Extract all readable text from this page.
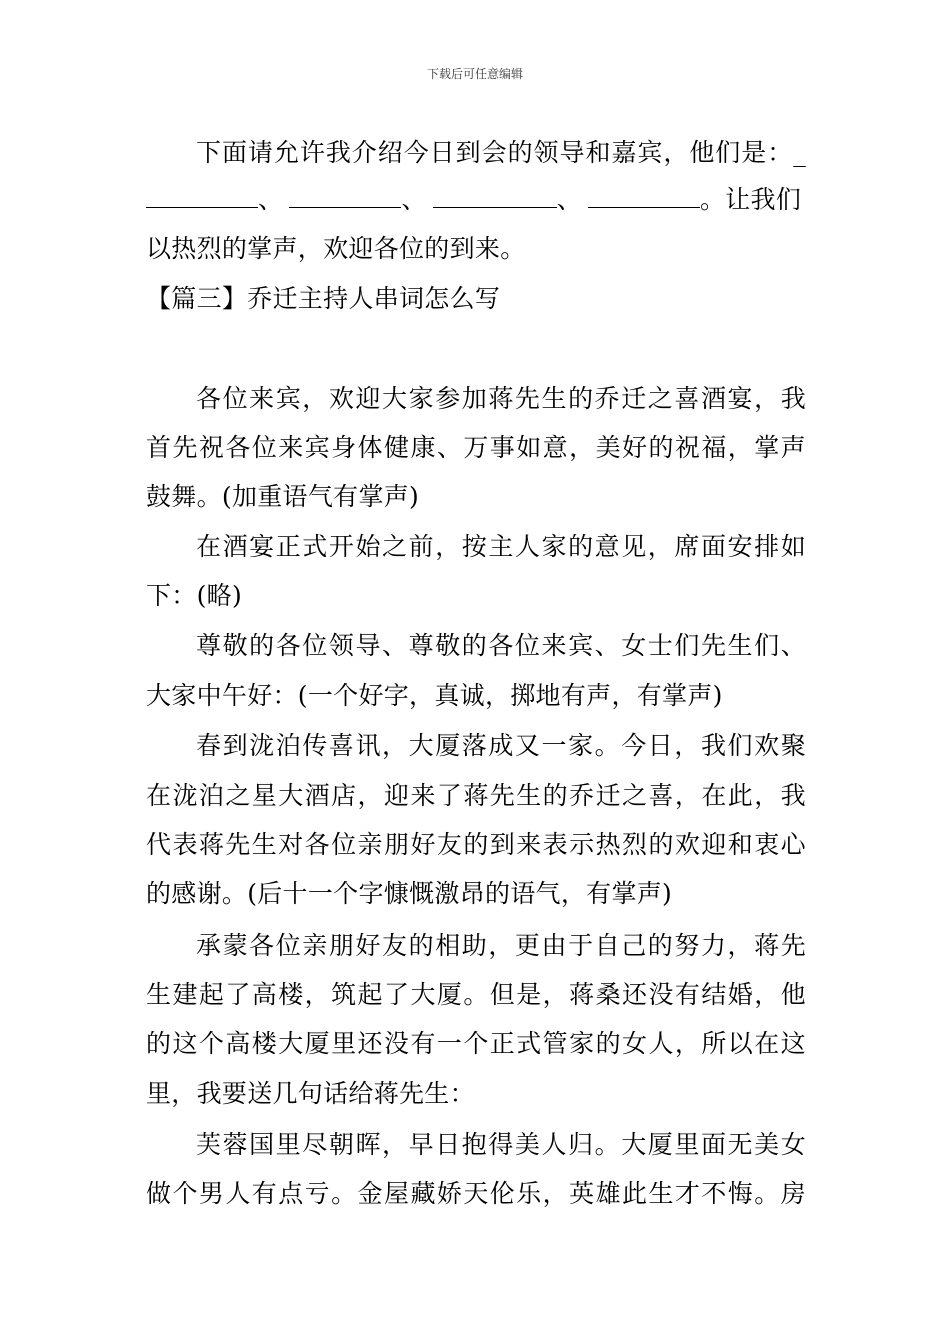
下载后可任意编辑
下面请允许我介绍今日到会的领导和嘉宾，他们是：_
、	、	、	。让我们
以热烈的掌声，欢迎各位的到来。
【篇三】乔迁主持人串词怎么写
各位来宾，欢迎大家参加蒋先生的乔迁之喜酒宴，我
首先祝各位来宾身体健康、万事如意，美好的祝福，掌声
鼓舞。(加重语气有掌声)
在酒宴正式开始之前，按主人家的意见，席面安排如
下：(略)
尊敬的各位领导、尊敬的各位来宾、女士们先生们、
大家中午好：(一个好字，真诚，掷地有声，有掌声)
春到泷泊传喜讯，大厦落成又一家。今日，我们欢聚
在泷泊之星大酒店，迎来了蒋先生的乔迁之喜，在此，我
代表蒋先生对各位亲朋好友的到来表示热烈的欢迎和衷心
的感谢。(后十一个字慷慨激昂的语气，有掌声)
承蒙各位亲朋好友的相助，更由于自己的努力，蒋先
生建起了高楼，筑起了大厦。但是，蒋桑还没有结婚，他
的这个高楼大厦里还没有一个正式管家的女人，所以在这
里，我要送几句话给蒋先生：
芙蓉国里尽朝晖，早日抱得美人归。大厦里面无美女
做个男人有点亏。金屋藏娇天伦乐，英雄此生才不悔。房
